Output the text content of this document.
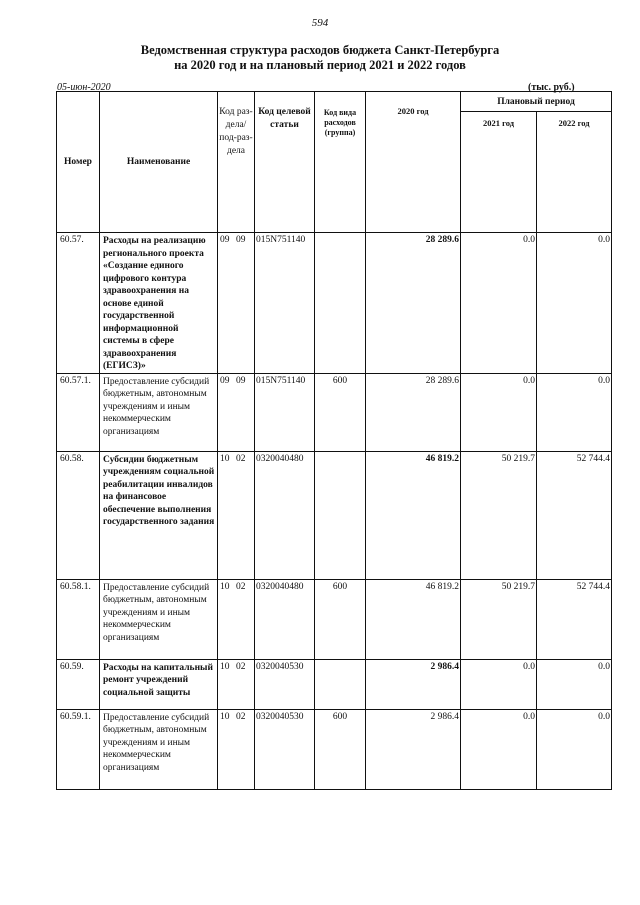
594
Ведомственная структура расходов бюджета Санкт-Петербурга
на 2020 год и на плановый период 2021 и 2022 годов
05-июн-2020	(тыс. руб.)
Номер	Наименование	Код раз-дела/ под-раз-дела	Код целевой статьи	Код вида расходов (группа)	2020 год	Плановый период	
						2021 год	2022 год
60.57.	Расходы на реализацию регионального проекта «Создание единого цифрового контура здравоохранения на основе единой государственной информационной системы в сфере здравоохранения (ЕГИСЗ)»	09 09	015N751140		28 289.6	0.0	0.0
60.57.1.	Предоставление субсидий бюджетным, автономным учреждениям и иным некоммерческим организациям	09 09	015N751140	600	28 289.6	0.0	0.0
60.58.	Субсидии бюджетным учреждениям социальной реабилитации инвалидов на финансовое обеспечение выполнения государственного задания	10 02	0320040480		46 819.2	50 219.7	52 744.4
60.58.1.	Предоставление субсидий бюджетным, автономным учреждениям и иным некоммерческим организациям	10 02	0320040480	600	46 819.2	50 219.7	52 744.4
60.59.	Расходы на капитальный ремонт учреждений социальной защиты	10 02	0320040530		2 986.4	0.0	0.0
60.59.1.	Предоставление субсидий бюджетным, автономным учреждениям и иным некоммерческим организациям	10 02	0320040530	600	2 986.4	0.0	0.0
